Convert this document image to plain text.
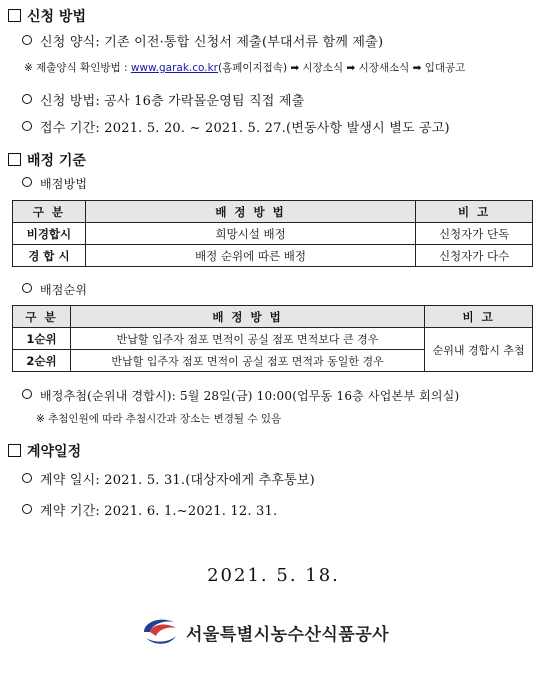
신청 방법
신청 양식: 기존 이전·통합 신청서 제출(부대서류 함께 제출)
※ 제출양식 확인방법 : www.garak.co.kr(홈페이지접속) ➡ 시장소식 ➡ 시장새소식 ➡ 입대공고
신청 방법: 공사 16층 가락몰운영팀 직접 제출
접수 기간: 2021. 5. 20. ~ 2021. 5. 27.(변동사항 발생시 별도 공고)
배정 기준
배점방법
구 분	배 정 방 법	비 고
비경합시	희망시설 배정	신청자가 단독
경 합 시	배정 순위에 따른 배정	신청자가 다수
배점순위
구 분	배 정 방 법	비 고
1순위	반납할 입주자 점포 면적이 공실 점포 면적보다 큰 경우	순위내 경합시 추첨
2순위	반납할 입주자 점포 면적이 공실 점포 면적과 동일한 경우	
배정추첨(순위내 경합시): 5월 28일(금) 10:00(업무동 16층 사업본부 회의실)
※ 추첨인원에 따라 추첨시간과 장소는 변경될 수 있음
계약일정
계약 일시: 2021. 5. 31.(대상자에게 추후통보)
계약 기간: 2021. 6. 1.~2021. 12. 31.
2021. 5. 18.
서울특별시농수산식품공사
